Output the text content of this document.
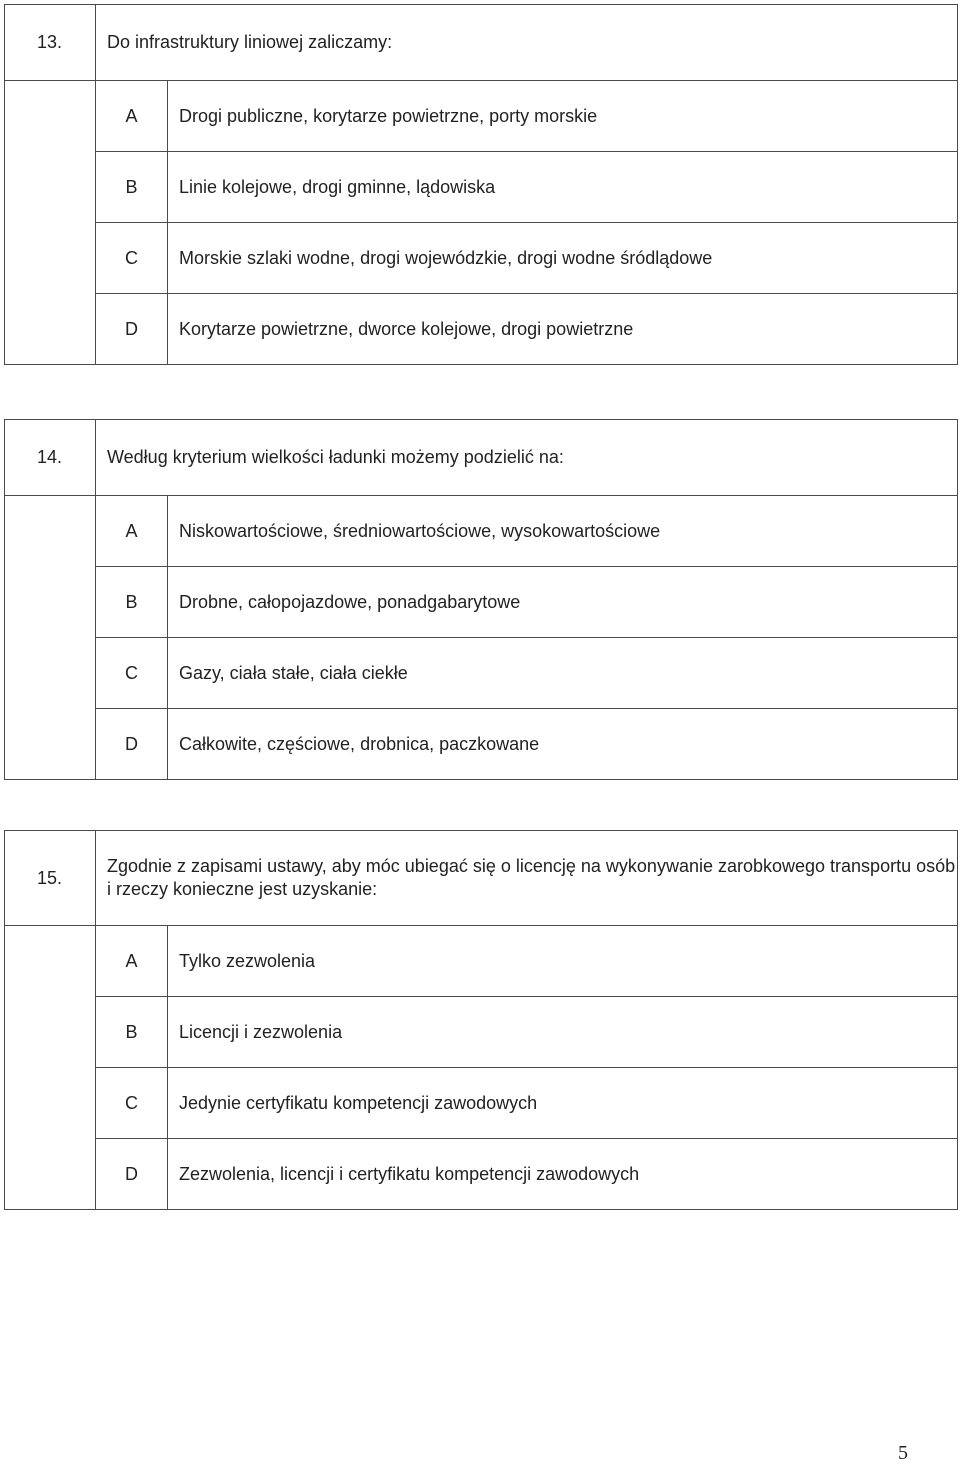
13.	Do infrastruktury liniowej zaliczamy:	
	A	Drogi publiczne, korytarze powietrzne, porty morskie
	B	Linie kolejowe, drogi gminne, lądowiska
	C	Morskie szlaki wodne, drogi wojewódzkie, drogi wodne śródlądowe
	D	Korytarze powietrzne, dworce kolejowe, drogi powietrzne
14.	Według kryterium wielkości ładunki możemy podzielić na:	
	A	Niskowartościowe, średniowartościowe, wysokowartościowe
	B	Drobne, całopojazdowe, ponadgabarytowe
	C	Gazy, ciała stałe, ciała ciekłe
	D	Całkowite, częściowe, drobnica, paczkowane
15.	Zgodnie z zapisami ustawy, aby móc ubiegać się o licencję na wykonywanie zarobkowego transportu osób i rzeczy konieczne jest uzyskanie:	
	A	Tylko zezwolenia
	B	Licencji i zezwolenia
	C	Jedynie certyfikatu kompetencji zawodowych
	D	Zezwolenia, licencji i certyfikatu kompetencji zawodowych
5
